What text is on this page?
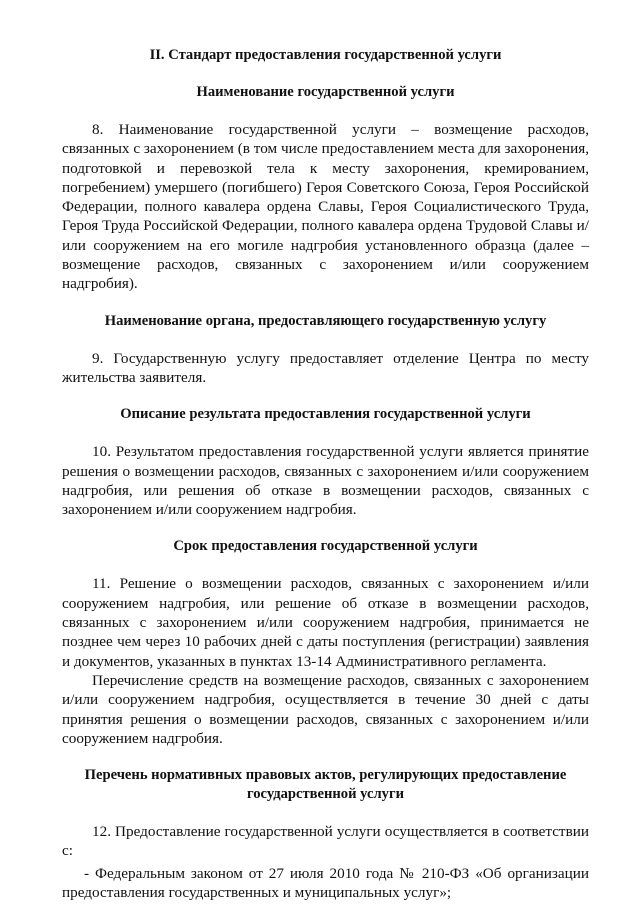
II. Стандарт предоставления государственной услуги

Наименование государственной услуги

8. Наименование государственной услуги – возмещение расходов, связанных с захоронением (в том числе предоставлением места для захоронения, подготовкой и перевозкой тела к месту захоронения, кремированием, погребением) умершего (погибшего) Героя Советского Союза, Героя Российской Федерации, полного кавалера ордена Славы, Героя Социалистического Труда, Героя Труда Российской Федерации, полного кавалера ордена Трудовой Славы и/или сооружением на его могиле надгробия установленного образца (далее – возмещение расходов, связанных с захоронением и/или сооружением надгробия).

Наименование органа, предоставляющего государственную услугу

9. Государственную услугу предоставляет отделение Центра по месту жительства заявителя.

Описание результата предоставления государственной услуги

10. Результатом предоставления государственной услуги является принятие решения о возмещении расходов, связанных с захоронением и/или сооружением надгробия, или решения об отказе в возмещении расходов, связанных с захоронением и/или сооружением надгробия.

Срок предоставления государственной услуги

11. Решение о возмещении расходов, связанных с захоронением и/или сооружением надгробия, или решение об отказе в возмещении расходов, связанных с захоронением и/или сооружением надгробия, принимается не позднее чем через 10 рабочих дней с даты поступления (регистрации) заявления и документов, указанных в пунктах 13-14 Административного регламента.

Перечисление средств на возмещение расходов, связанных с захоронением и/или сооружением надгробия, осуществляется в течение 30 дней с даты принятия решения о возмещении расходов, связанных с захоронением и/или сооружением надгробия.

Перечень нормативных правовых актов, регулирующих предоставление

государственной услуги

12. Предоставление государственной услуги осуществляется в соответствии с:

- Федеральным законом от 27 июля 2010 года № 210-ФЗ «Об организации предоставления государственных и муниципальных услуг»;
